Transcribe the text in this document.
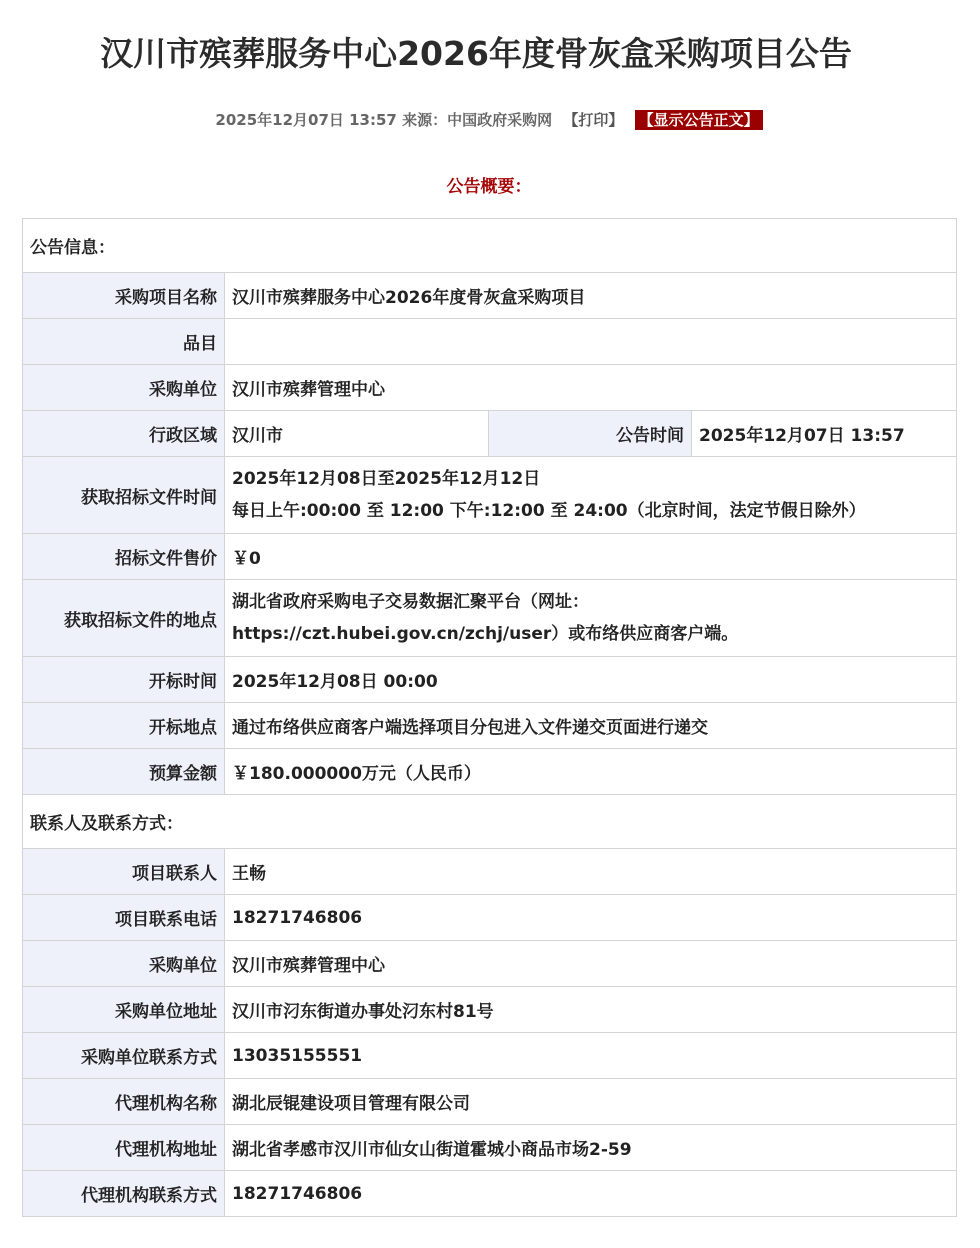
汉川市殡葬服务中心2026年度骨灰盒采购项目公告
2025年12月07日 13:57 来源：中国政府采购网 【打印】 【显示公告正文】
公告概要：
公告信息：			
采购项目名称	汉川市殡葬服务中心2026年度骨灰盒采购项目		
品目			
采购单位	汉川市殡葬管理中心		
行政区域	汉川市	公告时间	2025年12月07日 13:57
获取招标文件时间	2025年12月08日至2025年12月12日
每日上午:00:00 至 12:00 下午:12:00 至 24:00（北京时间，法定节假日除外）		

招标文件售价	￥0		
获取招标文件的地点	湖北省政府采购电子交易数据汇聚平台（网址：
https://czt.hubei.gov.cn/zchj/user）或布络供应商客户端。		

开标时间	2025年12月08日 00:00		
开标地点	通过布络供应商客户端选择项目分包进入文件递交页面进行递交		
预算金额	￥180.000000万元（人民币）		
联系人及联系方式：			
项目联系人	王畅		
项目联系电话	18271746806		
采购单位	汉川市殡葬管理中心		
采购单位地址	汉川市汈东街道办事处汈东村81号		
采购单位联系方式	13035155551		
代理机构名称	湖北辰锟建设项目管理有限公司		
代理机构地址	湖北省孝感市汉川市仙女山街道霍城小商品市场2-59		
代理机构联系方式	18271746806		
